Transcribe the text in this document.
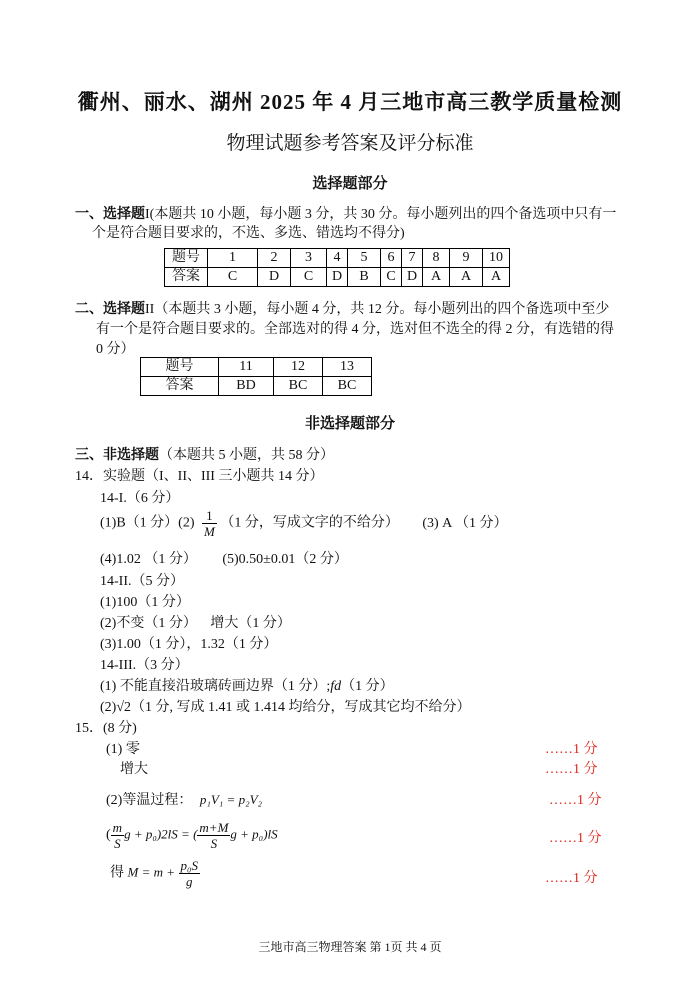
衢州、丽水、湖州 2025 年 4 月三地市高三教学质量检测
物理试题参考答案及评分标准
选择题部分
一、选择题I(本题共 10 小题，每小题 3 分，共 30 分。每小题列出的四个备选项中只有一
个是符合题目要求的，不选、多选、错选均不得分)
题号	1	2	3	4	5	6	7	8	9	10
答案	C	D	C	D	B	C	D	A	A	A
二、选择题II（本题共 3 小题，每小题 4 分，共 12 分。每小题列出的四个备选项中至少
有一个是符合题目要求的。全部选对的得 4 分，选对但不选全的得 2 分，有选错的得
0 分）
题号	11	12	13
答案	BD	BC	BC
非选择题部分
三、非选择题（本题共 5 小题，共 58 分）
14．实验题（I、II、III 三小题共 14 分）
14-I.（6 分）
(1)B（1 分）$(2) \frac{1}{M} (1$ 分，写成文字的不给分） (3) A （1 分）
(4)1.02 （1 分） (5)0.50±0.01（2 分）
14-II.（5 分）
(1)100（1 分）
(2)不变（1 分） 增大（1 分）
(3)1.00（1 分），1.32（1 分）
14-III.（3 分）
(1) 不能直接沿玻璃砖画边界（1 分）;fd（1 分）
(2)√2（1 分, 写成 1.41 或 1.414 均给分，写成其它均不给分）
15．(8 分)
(1) 零	……1 分
增大	……1 分
(2)等温过程： p₁V₁ = p₂V₂	……1 分
( $\frac{m}{S}$ g + p₀)2lS = ( $\frac{m+M}{S}$ g + p₀)lS	……1 分
得 $M = m + \frac{\text{p₀S}}{g}$	……1 分
三地市高三物理答案 第 1页 共 4 页
